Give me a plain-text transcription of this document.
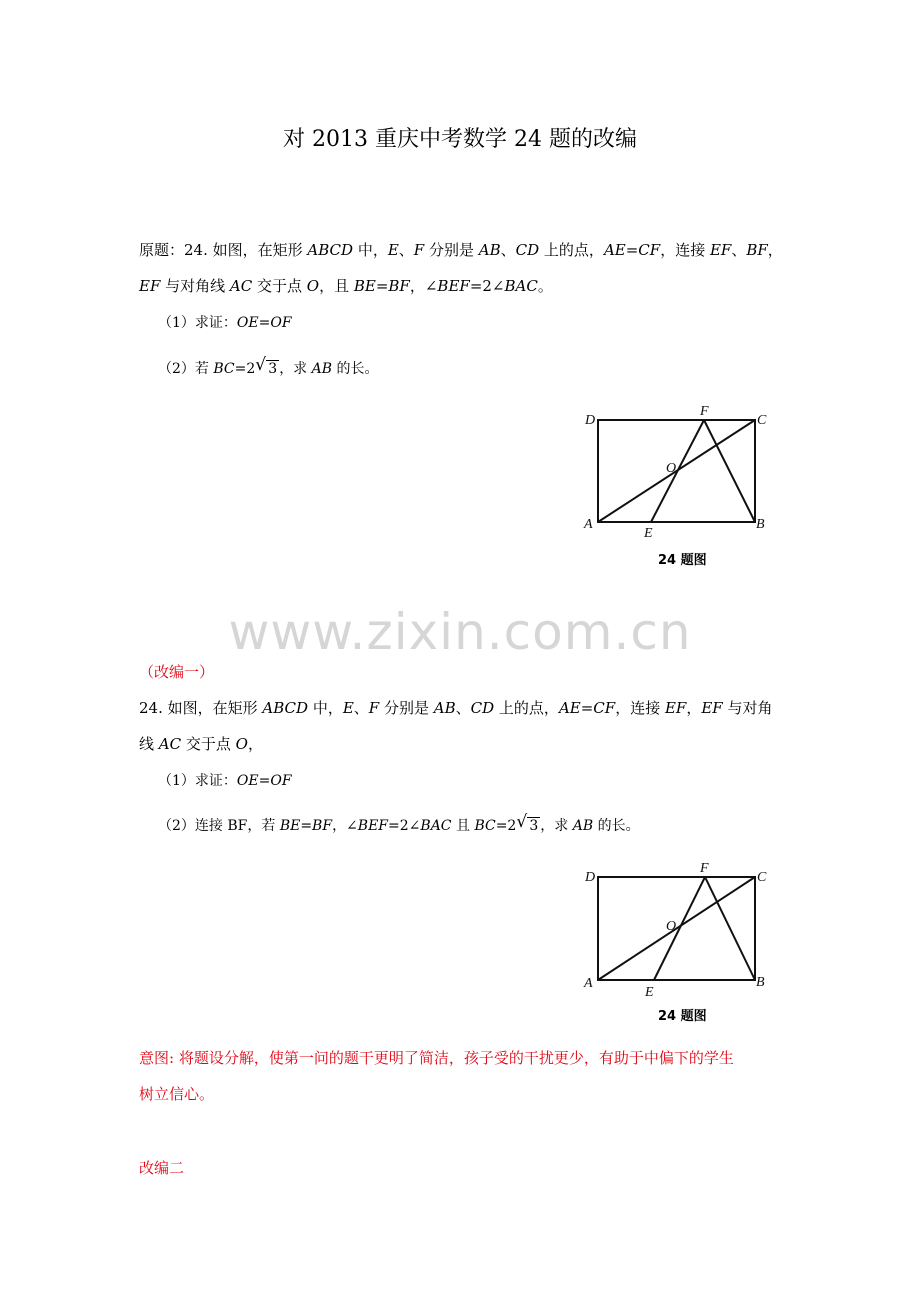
对 2013 重庆中考数学 24 题的改编
原题：24. 如图，在矩形 ABCD 中，E、F 分别是 AB、CD 上的点，AE=CF，连接 EF、BF，
EF 与对角线 AC 交于点 O，且 BE=BF，∠BEF=2∠BAC。
（1）求证：OE=OF
（2）若 BC=2 √ 3 ，求 AB 的长。
D
F
C
O
A
E
B
24 题图
www.zixin.com.cn
（改编一）
24. 如图，在矩形 ABCD 中，E、F 分别是 AB、CD 上的点，AE=CF，连接 EF，EF 与对角
线 AC 交于点 O，
（1）求证：OE=OF
（2）连接 BF，若 BE=BF，∠BEF=2∠BAC 且 BC=2 √ 3 ，求 AB 的长。
D
F
C
O
A
E
B
24 题图
意图: 将题设分解，使第一问的题干更明了简洁，孩子受的干扰更少，有助于中偏下的学生
树立信心。
改编二
